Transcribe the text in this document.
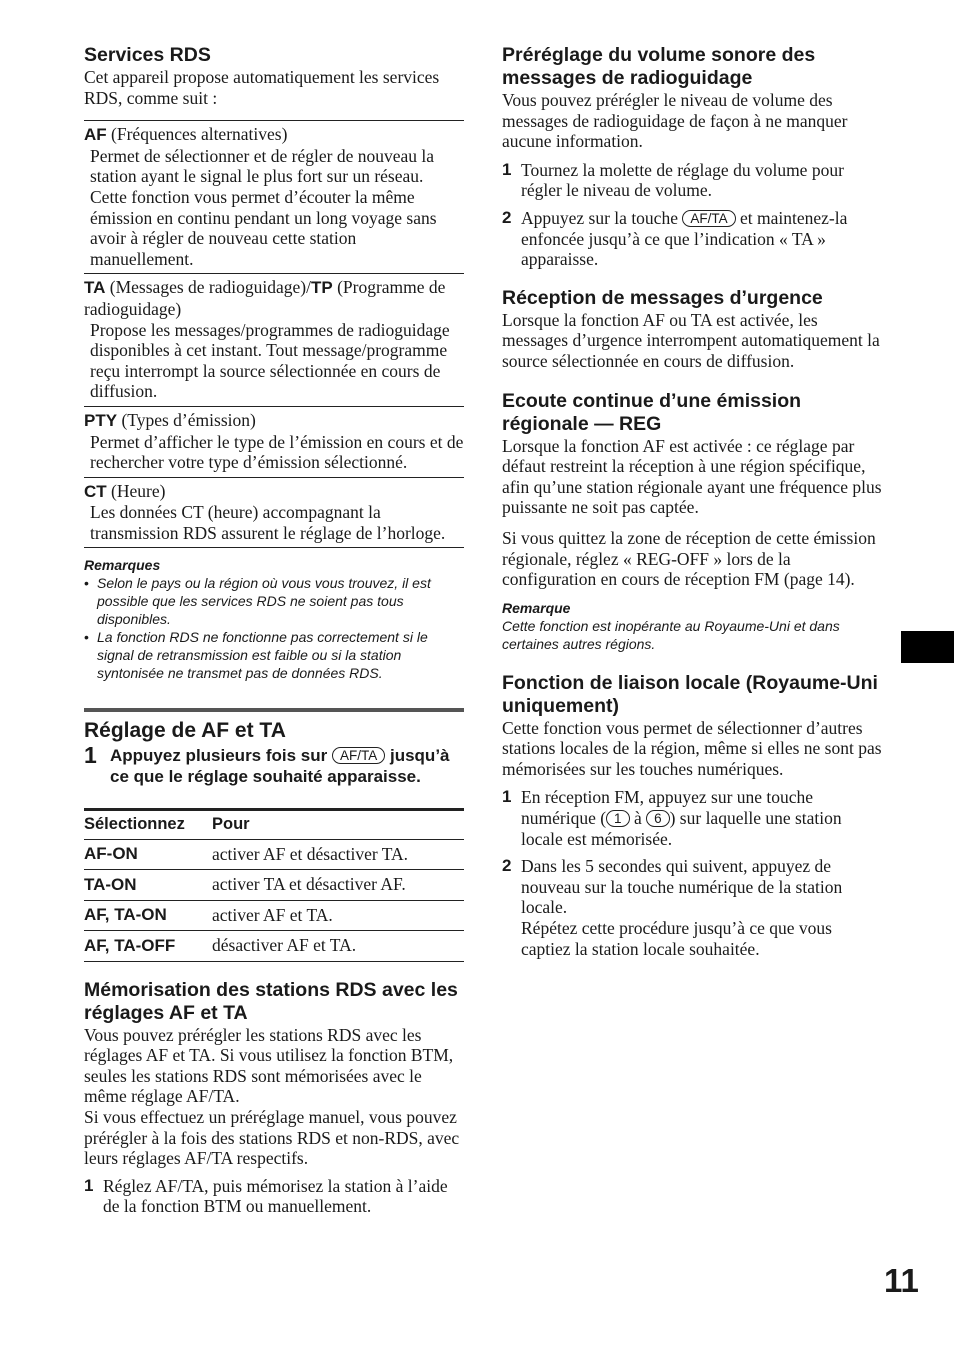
Services RDS

Cet appareil propose automatiquement les services RDS, comme suit :

AF (Fréquences alternatives)
Permet de sélectionner et de régler de nouveau la station ayant le signal le plus fort sur un réseau. Cette fonction vous permet d’écouter la même émission en continu pendant un long voyage sans avoir à régler de nouveau cette station manuellement.
TA (Messages de radioguidage)/TP (Programme de radioguidage)
Propose les messages/programmes de radioguidage disponibles à cet instant. Tout message/programme reçu interrompt la source sélectionnée en cours de diffusion.
PTY (Types d’émission)
Permet d’afficher le type de l’émission en cours et de rechercher votre type d’émission sélectionné.
CT (Heure)
Les données CT (heure) accompagnant la transmission RDS assurent le réglage de l’horloge.
Remarques
• Selon le pays ou la région où vous vous trouvez, il est possible que les services RDS ne soient pas tous disponibles.
• La fonction RDS ne fonctionne pas correctement si le signal de retransmission est faible ou si la station syntonisée ne transmet pas de données RDS.
Réglage de AF et TA
1 Appuyez plusieurs fois sur AF/TA jusqu’à ce que le réglage souhaité apparaisse.
Sélectionnez	Pour
AF-ON	activer AF et désactiver TA.
TA-ON	activer TA et désactiver AF.
AF, TA-ON	activer AF et TA.
AF, TA-OFF	désactiver AF et TA.
Mémorisation des stations RDS avec les réglages AF et TA

Vous pouvez prérégler les stations RDS avec les réglages AF et TA. Si vous utilisez la fonction BTM, seules les stations RDS sont mémorisées avec le même réglage AF/TA.

Si vous effectuez un préréglage manuel, vous pouvez prérégler à la fois des stations RDS et non-RDS, avec leurs réglages AF/TA respectifs.

1 Réglez AF/TA, puis mémorisez la station à l’aide de la fonction BTM ou manuellement.
Préréglage du volume sonore des messages de radioguidage

Vous pouvez prérégler le niveau de volume des messages de radioguidage de façon à ne manquer aucune information.

1 Tournez la molette de réglage du volume pour régler le niveau de volume.
2 Appuyez sur la touche AF/TA et maintenez-la enfoncée jusqu’à ce que l’indication « TA » apparaisse.
Réception de messages d’urgence

Lorsque la fonction AF ou TA est activée, les messages d’urgence interrompent automatiquement la source sélectionnée en cours de diffusion.

Ecoute continue d’une émission régionale — REG

Lorsque la fonction AF est activée : ce réglage par défaut restreint la réception à une région spécifique, afin qu’une station régionale ayant une fréquence plus puissante ne soit pas captée.

Si vous quittez la zone de réception de cette émission régionale, réglez « REG-OFF » lors de la configuration en cours de réception FM (page 14).

Remarque
Cette fonction est inopérante au Royaume-Uni et dans certaines autres régions.
Fonction de liaison locale (Royaume-Uni uniquement)

Cette fonction vous permet de sélectionner d’autres stations locales de la région, même si elles ne sont pas mémorisées sur les touches numériques.

1 En réception FM, appuyez sur une touche numérique ( 1 à 6 ) sur laquelle une station locale est mémorisée.
2 Dans les 5 secondes qui suivent, appuyez de nouveau sur la touche numérique de la station locale.
Répétez cette procédure jusqu’à ce que vous captiez la station locale souhaitée.
11
